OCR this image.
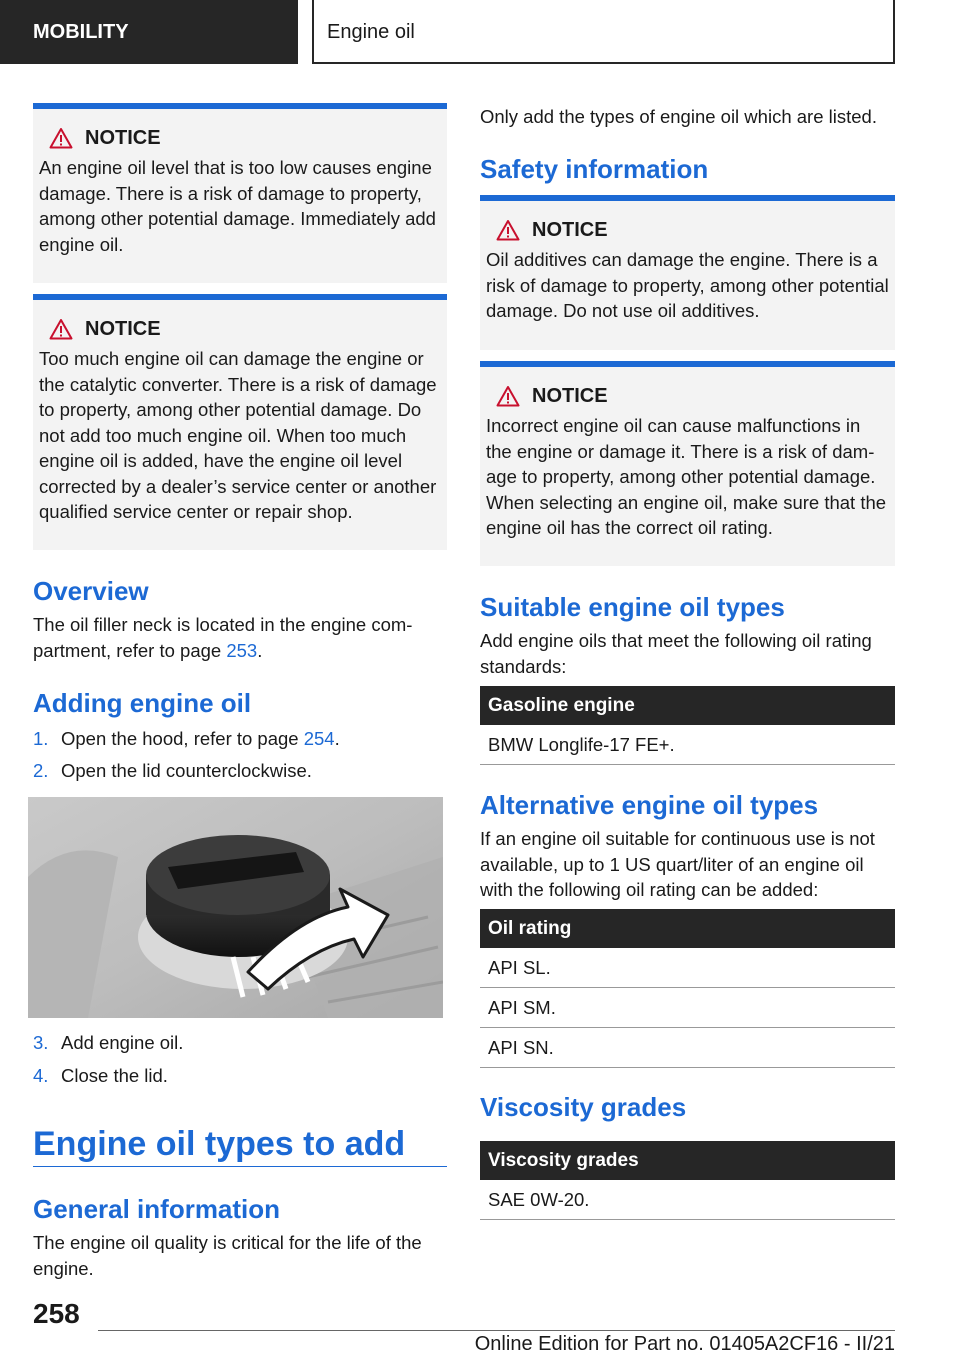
MOBILITY	Engine oil
NOTICE
An engine oil level that is too low causes engine damage. There is a risk of damage to property, among other potential damage. Immediately add engine oil.
NOTICE
Too much engine oil can damage the engine or the catalytic converter. There is a risk of damage to property, among other potential damage. Do not add too much engine oil. When too much engine oil is added, have the engine oil level corrected by a dealer’s service center or another qualified service center or repair shop.
Overview
The oil filler neck is located in the engine compartment, refer to page 253.
Adding engine oil
1. Open the hood, refer to page 254.
2. Open the lid counterclockwise.
3. Add engine oil.
4. Close the lid.
Engine oil types to add
General information
The engine oil quality is critical for the life of the engine.
Only add the types of engine oil which are listed.
Safety information
NOTICE
Oil additives can damage the engine. There is a risk of damage to property, among other potential damage. Do not use oil additives.
NOTICE
Incorrect engine oil can cause malfunctions in the engine or damage it. There is a risk of damage to property, among other potential damage. When selecting an engine oil, make sure that the engine oil has the correct oil rating.
Suitable engine oil types
Add engine oils that meet the following oil rating standards:
Gasoline engine
BMW Longlife-17 FE+.
Alternative engine oil types
If an engine oil suitable for continuous use is not available, up to 1 US quart/liter of an engine oil with the following oil rating can be added:
Oil rating
API SL.
API SM.
API SN.
Viscosity grades
Viscosity grades
SAE 0W-20.
258
Online Edition for Part no. 01405A2CF16 - II/21
